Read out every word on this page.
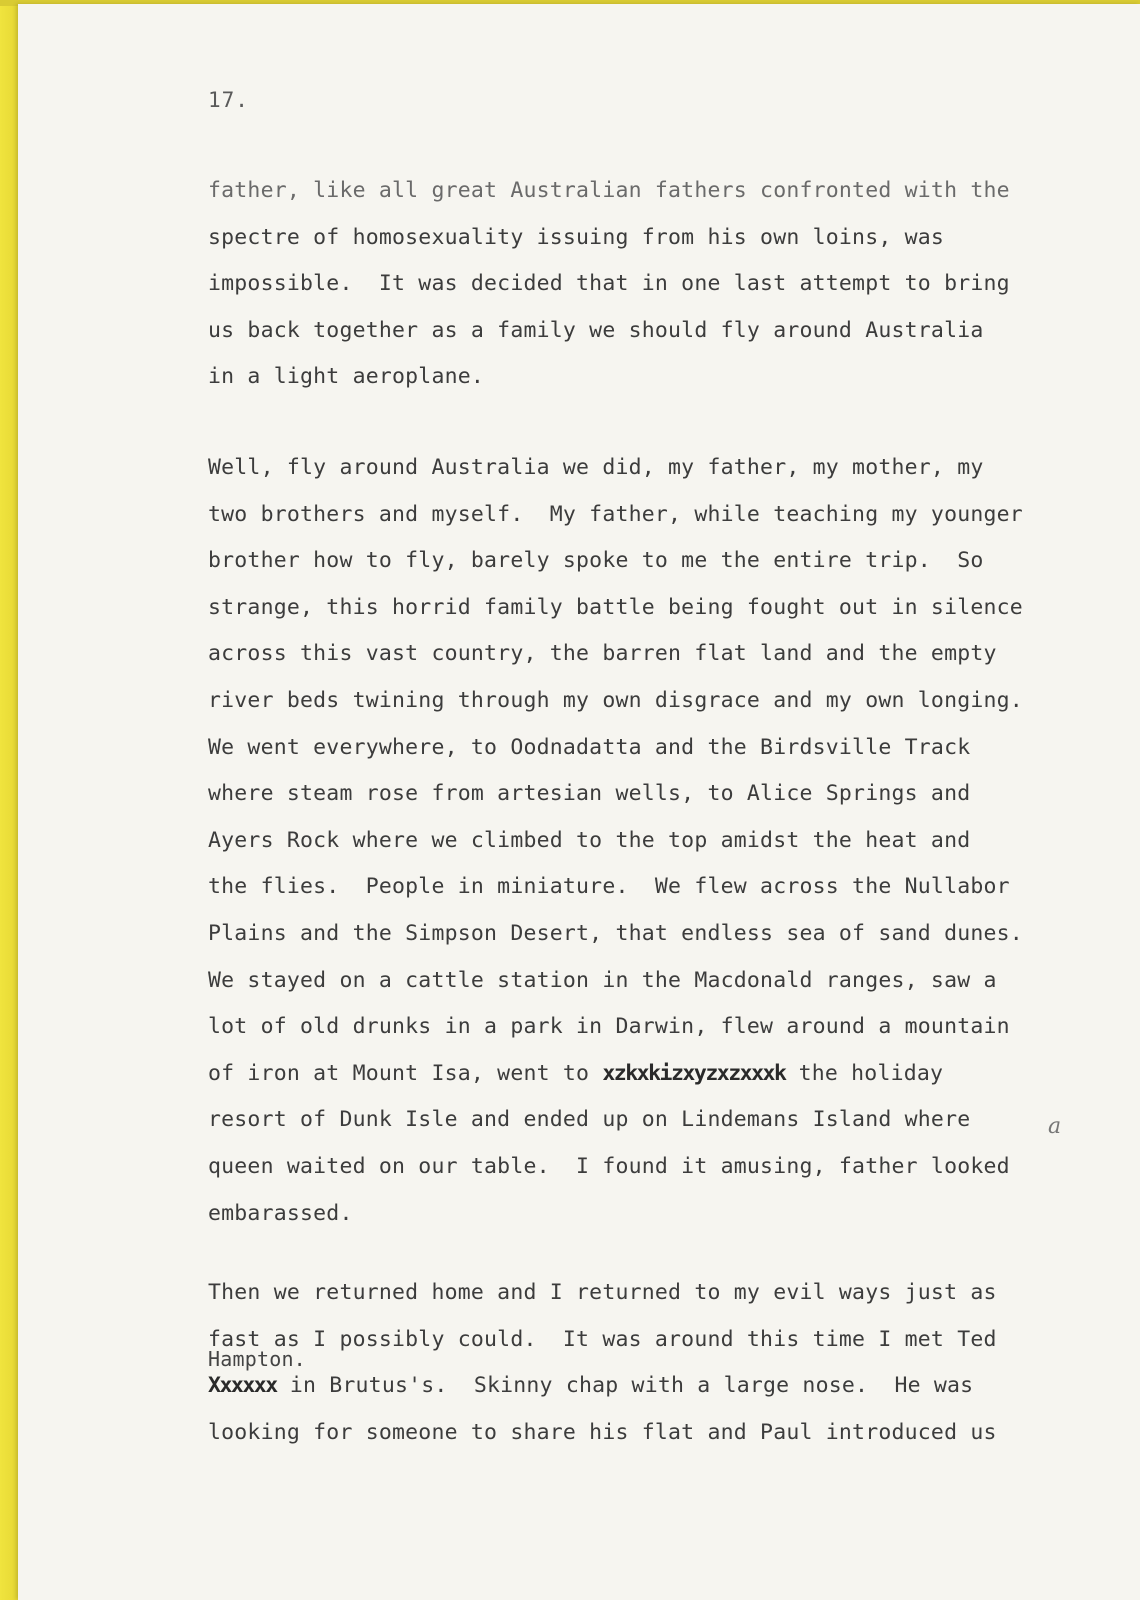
17.
father, like all great Australian fathers confronted with the
spectre of homosexuality issuing from his own loins, was
impossible.  It was decided that in one last attempt to bring
us back together as a family we should fly around Australia
in a light aeroplane.
Well, fly around Australia we did, my father, my mother, my
two brothers and myself.  My father, while teaching my younger
brother how to fly, barely spoke to me the entire trip.  So
strange, this horrid family battle being fought out in silence
across this vast country, the barren flat land and the empty
river beds twining through my own disgrace and my own longing.
We went everywhere, to Oodnadatta and the Birdsville Track
where steam rose from artesian wells, to Alice Springs and
Ayers Rock where we climbed to the top amidst the heat and
the flies.  People in miniature.  We flew across the Nullabor
Plains and the Simpson Desert, that endless sea of sand dunes.
We stayed on a cattle station in the Macdonald ranges, saw a
lot of old drunks in a park in Darwin, flew around a mountain
of iron at Mount Isa, went to xzkxkizxyzxzxxxk the holiday
resort of Dunk Isle and ended up on Lindemans Island where
queen waited on our table.  I found it amusing, father looked
embarassed.
Then we returned home and I returned to my evil ways just as
fast as I possibly could.  It was around this time I met Ted
Hampton.
Xxxxxx in Brutus's.  Skinny chap with a large nose.  He was
looking for someone to share his flat and Paul introduced us
a
